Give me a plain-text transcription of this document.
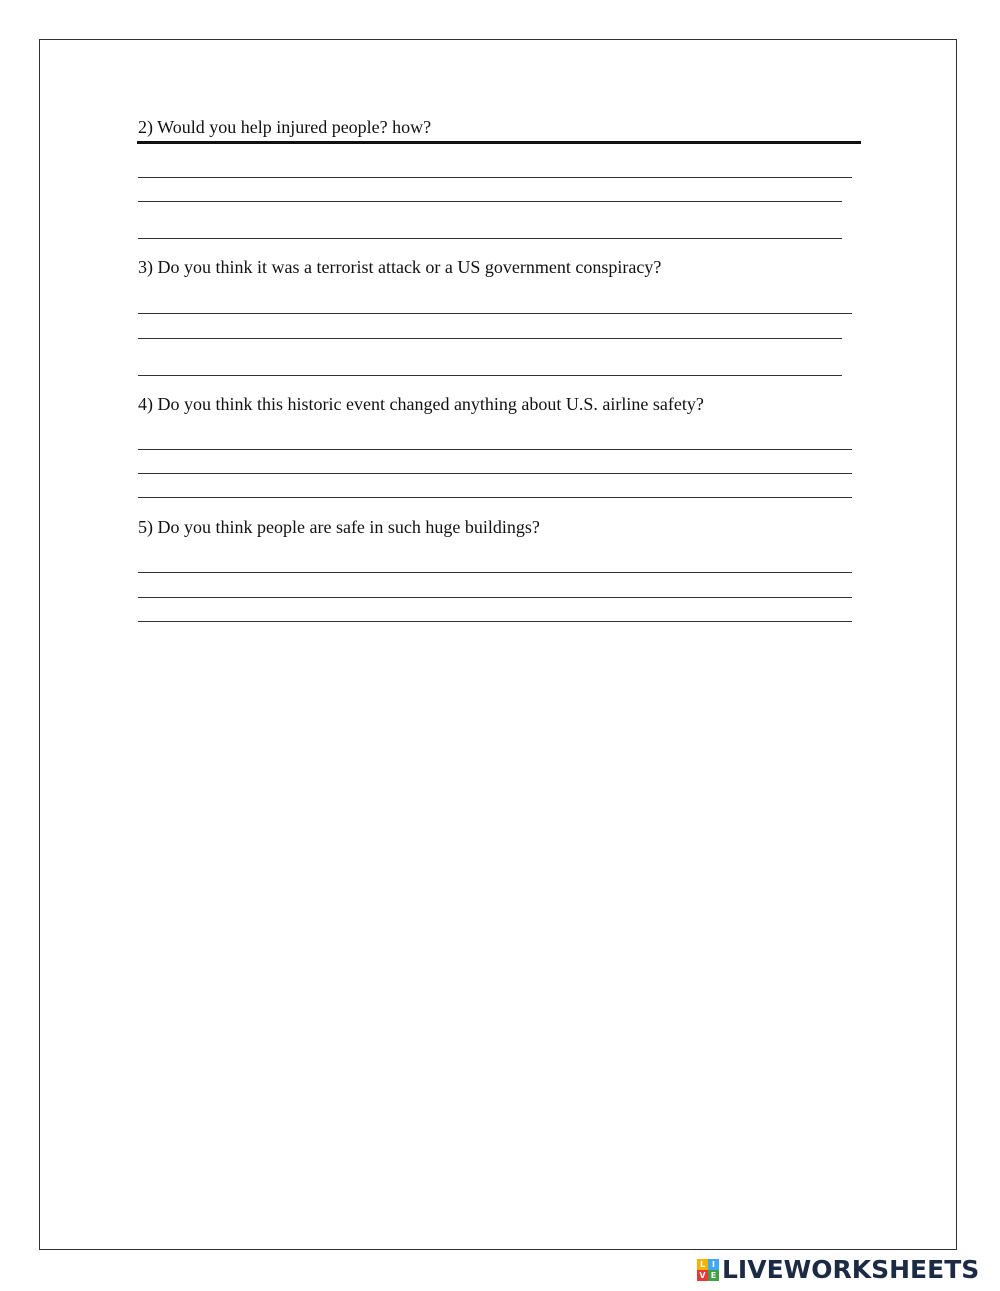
2) Would you help injured people? how?
3) Do you think it was a terrorist attack or a US government conspiracy?
4) Do you think this historic event changed anything about U.S. airline safety?
5) Do you think people are safe in such huge buildings?
L I
V E LIVEWORKSHEETS
